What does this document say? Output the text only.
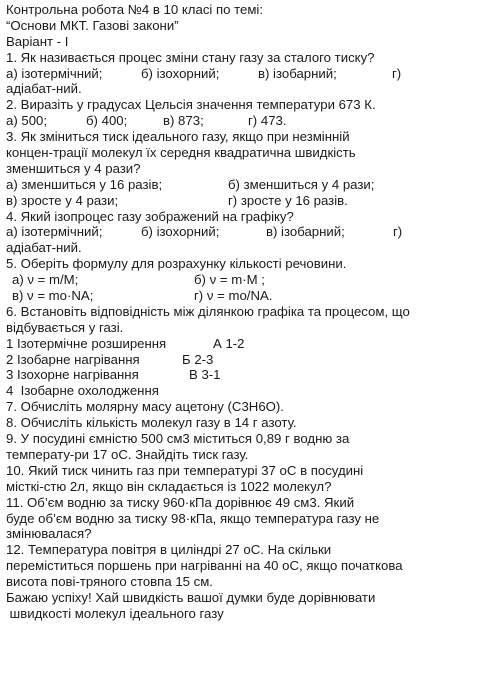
Контрольна робота №4 в 10 класі по темі:
“Основи МКТ. Газові закони”
Варіант - I
1. Як називається процес зміни стану газу за сталого тиску?
а) ізотермічний;	б) ізохорний;	в) ізобарний;	г)
адіабат-ний.
2. Виразіть у градусах Цельсія значення температури 673 К.
а) 500;	б) 400;	в) 873;	г) 473.
3. Як зміниться тиск ідеального газу, якщо при незмінній
концен-трації молекул їх середня квадратична швидкість
зменшиться у 4 рази?
а) зменшиться у 16 разів;	б) зменшиться у 4 рази;
в) зросте у 4 рази;	г) зросте у 16 разів.
4. Який ізопроцес газу зображений на графіку?
а) ізотермічний;	б) ізохорний;	в) ізобарний;	г)
адіабат-ний.
5. Оберіть формулу для розрахунку кількості речовини.
а) ν = m/M;	б) ν = m·M ;
в) ν = mo·NA;	г) ν = mo/NA.
6. Встановіть відповідність між ділянкою графіка та процесом, що
відбувається у газі.
1 Ізотермічне розширення	А 1-2
2 Ізобарне нагрівання	Б 2-3
3 Ізохорне нагрівання	В 3-1
4  Ізобарне охолодження
7. Обчисліть молярну масу ацетону (C3H6O).
8. Обчисліть кількість молекул газу в 14 г азоту.
9. У посудині ємністю 500 см3 міститься 0,89 г водню за
температу-ри 17 оС. Знайдіть тиск газу.
10. Який тиск чинить газ при температурі 37 оС в посудині
місткі-стю 2л, якщо він складається із 1022 молекул?
11. Об’єм водню за тиску 960·кПа дорівнює 49 см3. Який
буде об’єм водню за тиску 98·кПа, якщо температура газу не
змінювалася?
12. Температура повітря в циліндрі 27 оС. На скільки
переміститься поршень при нагріванні на 40 оС, якщо початкова
висота пові-тряного стовпа 15 см.
Бажаю успіху! Хай швидкість вашої думки буде дорівнювати
швидкості молекул ідеального газу
